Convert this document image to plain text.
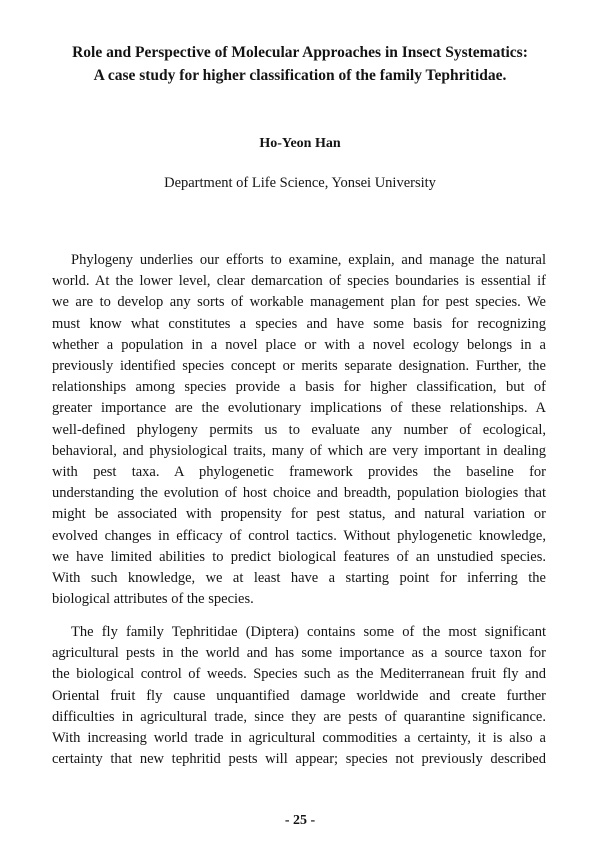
Role and Perspective of Molecular Approaches in Insect Systematics:
A case study for higher classification of the family Tephritidae.
Ho-Yeon Han
Department of Life Science, Yonsei University
Phylogeny underlies our efforts to examine, explain, and manage the natural
world. At the lower level, clear demarcation of species boundaries is essential if
we are to develop any sorts of workable management plan for pest species. We
must know what constitutes a species and have some basis for recognizing
whether a population in a novel place or with a novel ecology belongs in a
previously identified species concept or merits separate designation. Further, the
relationships among species provide a basis for higher classification, but of
greater importance are the evolutionary implications of these relationships. A
well-defined phylogeny permits us to evaluate any number of ecological,
behavioral, and physiological traits, many of which are very important in dealing
with pest taxa. A phylogenetic framework provides the baseline for
understanding the evolution of host choice and breadth, population biologies that
might be associated with propensity for pest status, and natural variation or
evolved changes in efficacy of control tactics. Without phylogenetic knowledge,
we have limited abilities to predict biological features of an unstudied species.
With such knowledge, we at least have a starting point for inferring the
biological attributes of the species.
The fly family Tephritidae (Diptera) contains some of the most significant
agricultural pests in the world and has some importance as a source taxon for
the biological control of weeds. Species such as the Mediterranean fruit fly and
Oriental fruit fly cause unquantified damage worldwide and create further
difficulties in agricultural trade, since they are pests of quarantine significance.
With increasing world trade in agricultural commodities a certainty, it is also a
certainty that new tephritid pests will appear; species not previously described
- 25 -
